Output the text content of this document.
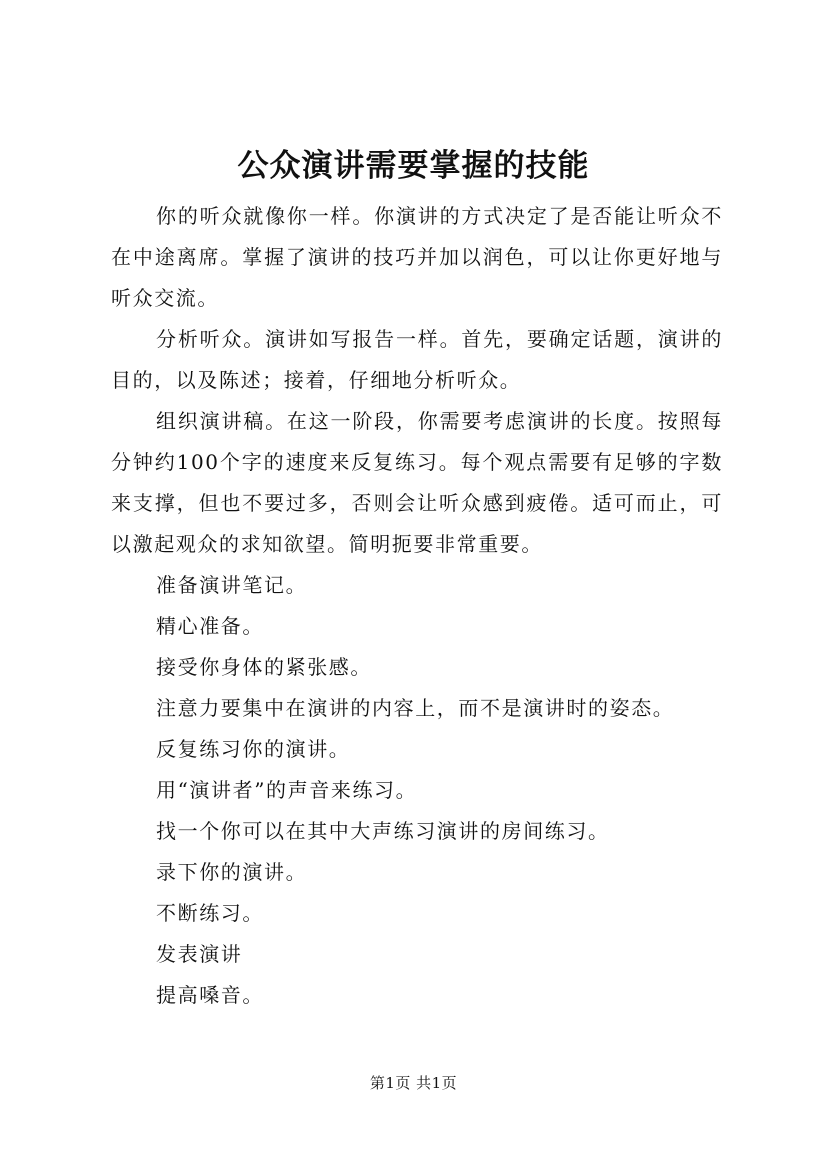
公众演讲需要掌握的技能

你的听众就像你一样。你演讲的方式决定了是否能让听众不在中途离席。掌握了演讲的技巧并加以润色，可以让你更好地与听众交流。

分析听众。演讲如写报告一样。首先，要确定话题，演讲的目的，以及陈述；接着，仔细地分析听众。

组织演讲稿。在这一阶段，你需要考虑演讲的长度。按照每分钟约100个字的速度来反复练习。每个观点需要有足够的字数来支撑，但也不要过多，否则会让听众感到疲倦。适可而止，可以激起观众的求知欲望。简明扼要非常重要。

准备演讲笔记。

精心准备。

接受你身体的紧张感。

注意力要集中在演讲的内容上，而不是演讲时的姿态。

反复练习你的演讲。

用“演讲者”的声音来练习。

找一个你可以在其中大声练习演讲的房间练习。

录下你的演讲。

不断练习。

发表演讲

提高嗓音。

第1页 共1页
